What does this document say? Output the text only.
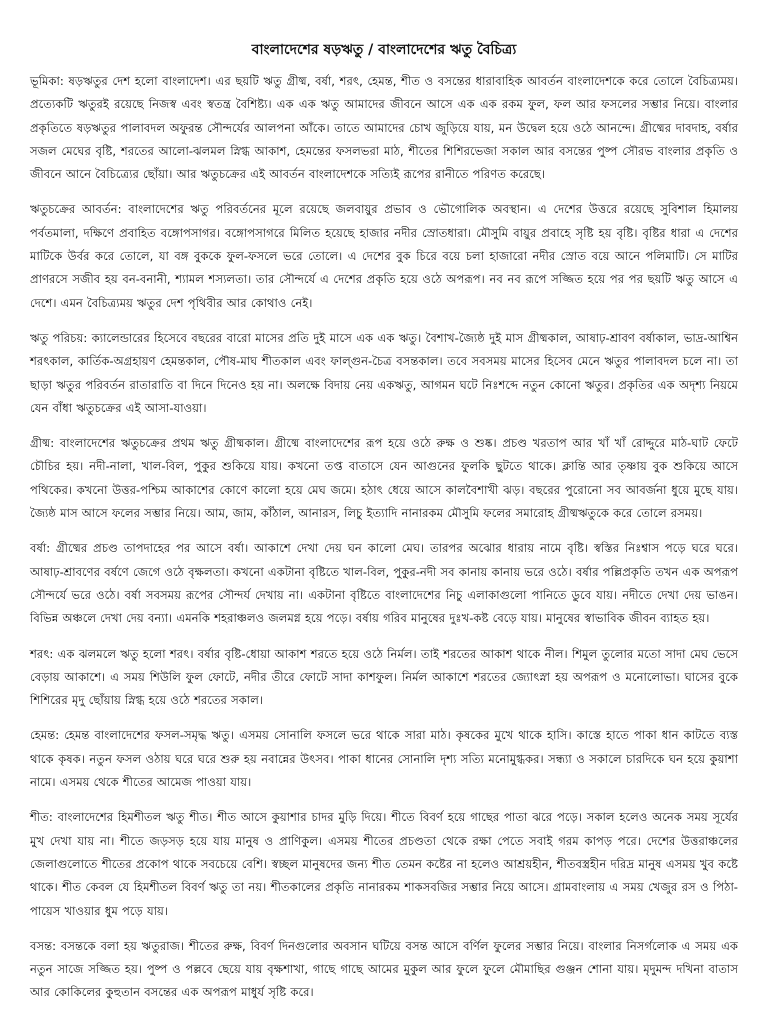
বাংলাদেশের ষড়ঋতু / বাংলাদেশের ঋতু বৈচিত্র্য

ভূমিকা: ষড়ঋতুর দেশ হলো বাংলাদেশ। এর ছয়টি ঋতু গ্রীষ্ম, বর্ষা, শরৎ, হেমন্ত, শীত ও বসন্তের ধারাবাহিক আবর্তন বাংলাদেশকে করে তোলে বৈচিত্র্যময়। প্রত্যেকটি ঋতুরই রয়েছে নিজস্ব এবং স্বতন্ত্র বৈশিষ্ট্য। এক এক ঋতু আমাদের জীবনে আসে এক এক রকম ফুল, ফল আর ফসলের সম্ভার নিয়ে। বাংলার প্রকৃতিতে ষড়ঋতুর পালাবদল অফুরন্ত সৌন্দর্যের আলপনা আঁকে। তাতে আমাদের চোখ জুড়িয়ে যায়, মন উদ্বেল হয়ে ওঠে আনন্দে। গ্রীষ্মের দাবদাহ, বর্ষার সজল মেঘের বৃষ্টি, শরতের আলো-ঝলমল স্নিগ্ধ আকাশ, হেমন্তের ফসলভরা মাঠ, শীতের শিশিরভেজা সকাল আর বসন্তের পুষ্প সৌরভ বাংলার প্রকৃতি ও জীবনে আনে বৈচিত্র্যের ছোঁয়া। আর ঋতুচক্রের এই আবর্তন বাংলাদেশকে সত্যিই রূপের রানীতে পরিণত করেছে।

ঋতুচক্রের আবর্তন: বাংলাদেশের ঋতু পরিবর্তনের মূলে রয়েছে জলবায়ুর প্রভাব ও ভৌগোলিক অবস্থান। এ দেশের উত্তরে রয়েছে সুবিশাল হিমালয় পর্বতমালা, দক্ষিণে প্রবাহিত বঙ্গোপসাগর। বঙ্গোপসাগরে মিলিত হয়েছে হাজার নদীর স্রোতধারা। মৌসুমি বায়ুর প্রবাহে সৃষ্টি হয় বৃষ্টি। বৃষ্টির ধারা এ দেশের মাটিকে উর্বর করে তোলে, যা বঙ্গ বুককে ফুল-ফসলে ভরে তোলে। এ দেশের বুক চিরে বয়ে চলা হাজারো নদীর স্রোত বয়ে আনে পলিমাটি। সে মাটির প্রাণরসে সজীব হয় বন-বনানী, শ্যামল শস্যলতা। তার সৌন্দর্যে এ দেশের প্রকৃতি হয়ে ওঠে অপরূপ। নব নব রূপে সজ্জিত হয়ে পর পর ছয়টি ঋতু আসে এ দেশে। এমন বৈচিত্র্যময় ঋতুর দেশ পৃথিবীর আর কোথাও নেই।

ঋতু পরিচয়: ক্যালেন্ডারের হিসেবে বছরের বারো মাসের প্রতি দুই মাসে এক এক ঋতু। বৈশাখ-জ্যৈষ্ঠ দুই মাস গ্রীষ্মকাল, আষাঢ়-শ্রাবণ বর্ষাকাল, ভাদ্র-আশ্বিন শরৎকাল, কার্তিক-অগ্রহায়ণ হেমন্তকাল, পৌষ-মাঘ শীতকাল এবং ফাল্গুন-চৈত্র বসন্তকাল। তবে সবসময় মাসের হিসেব মেনে ঋতুর পালাবদল চলে না। তা ছাড়া ঋতুর পরিবর্তন রাতারাতি বা দিনে দিনেও হয় না। অলক্ষে বিদায় নেয় একঋতু, আগমন ঘটে নিঃশব্দে নতুন কোনো ঋতুর। প্রকৃতির এক অদৃশ্য নিয়মে যেন বাঁধা ঋতুচক্রের এই আসা-যাওয়া।

গ্রীষ্ম: বাংলাদেশের ঋতুচক্রের প্রথম ঋতু গ্রীষ্মকাল। গ্রীষ্মে বাংলাদেশের রূপ হয়ে ওঠে রুক্ষ ও শুষ্ক। প্রচণ্ড খরতাপ আর খাঁ খাঁ রোদ্দুরে মাঠ-ঘাট ফেটে চৌচির হয়। নদী-নালা, খাল-বিল, পুকুর শুকিয়ে যায়। কখনো তপ্ত বাতাসে যেন আগুনের ফুলকি ছুটতে থাকে। ক্লান্তি আর তৃষ্ণায় বুক শুকিয়ে আসে পথিকের। কখনো উত্তর-পশ্চিম আকাশের কোণে কালো হয়ে মেঘ জমে। হঠাৎ ধেয়ে আসে কালবৈশাখী ঝড়। বছরের পুরোনো সব আবর্জনা ধুয়ে মুছে যায়। জ্যৈষ্ঠ মাস আসে ফলের সম্ভার নিয়ে। আম, জাম, কাঁঠাল, আনারস, লিচু ইত্যাদি নানারকম মৌসুমি ফলের সমারোহ গ্রীষ্মঋতুকে করে তোলে রসময়।

বর্ষা: গ্রীষ্মের প্রচণ্ড তাপদাহের পর আসে বর্ষা। আকাশে দেখা দেয় ঘন কালো মেঘ। তারপর অঝোর ধারায় নামে বৃষ্টি। স্বস্তির নিঃশ্বাস পড়ে ঘরে ঘরে। আষাঢ়-শ্রাবণের বর্ষণে জেগে ওঠে বৃক্ষলতা। কখনো একটানা বৃষ্টিতে খাল-বিল, পুকুর-নদী সব কানায় কানায় ভরে ওঠে। বর্ষার পল্লিপ্রকৃতি তখন এক অপরূপ সৌন্দর্যে ভরে ওঠে। বর্ষা সবসময় রূপের সৌন্দর্য দেখায় না। একটানা বৃষ্টিতে বাংলাদেশের নিচু এলাকাগুলো পানিতে ডুবে যায়। নদীতে দেখা দেয় ভাঙন। বিভিন্ন অঞ্চলে দেখা দেয় বন্যা। এমনকি শহরাঞ্চলও জলমগ্ন হয়ে পড়ে। বর্ষায় গরিব মানুষের দুঃখ-কষ্ট বেড়ে যায়। মানুষের স্বাভাবিক জীবন ব্যাহত হয়।

শরৎ: এক ঝলমলে ঋতু হলো শরৎ। বর্ষার বৃষ্টি-ধোয়া আকাশ শরতে হয়ে ওঠে নির্মল। তাই শরতের আকাশ থাকে নীল। শিমুল তুলোর মতো সাদা মেঘ ভেসে বেড়ায় আকাশে। এ সময় শিউলি ফুল ফোটে, নদীর তীরে ফোটে সাদা কাশফুল। নির্মল আকাশে শরতের জ্যোৎস্না হয় অপরূপ ও মনোলোভা। ঘাসের বুকে শিশিরের মৃদু ছোঁয়ায় স্নিগ্ধ হয়ে ওঠে শরতের সকাল।

হেমন্ত: হেমন্ত বাংলাদেশের ফসল-সমৃদ্ধ ঋতু। এসময় সোনালি ফসলে ভরে থাকে সারা মাঠ। কৃষকের মুখে থাকে হাসি। কাস্তে হাতে পাকা ধান কাটতে ব্যস্ত থাকে কৃষক। নতুন ফসল ওঠায় ঘরে ঘরে শুরু হয় নবান্নের উৎসব। পাকা ধানের সোনালি দৃশ্য সত্যি মনোমুগ্ধকর। সন্ধ্যা ও সকালে চারদিকে ঘন হয়ে কুয়াশা নামে। এসময় থেকে শীতের আমেজ পাওয়া যায়।

শীত: বাংলাদেশের হিমশীতল ঋতু শীত। শীত আসে কুয়াশার চাদর মুড়ি দিয়ে। শীতে বিবর্ণ হয়ে গাছের পাতা ঝরে পড়ে। সকাল হলেও অনেক সময় সূর্যের মুখ দেখা যায় না। শীতে জড়সড় হয়ে যায় মানুষ ও প্রাণিকুল। এসময় শীতের প্রচণ্ডতা থেকে রক্ষা পেতে সবাই গরম কাপড় পরে। দেশের উত্তরাঞ্চলের জেলাগুলোতে শীতের প্রকোপ থাকে সবচেয়ে বেশি। স্বচ্ছল মানুষদের জন্য শীত তেমন কষ্টের না হলেও আশ্রয়হীন, শীতবস্ত্রহীন দরিদ্র মানুষ এসময় খুব কষ্টে থাকে। শীত কেবল যে হিমশীতল বিবর্ণ ঋতু তা নয়। শীতকালের প্রকৃতি নানারকম শাকসবজির সম্ভার নিয়ে আসে। গ্রামবাংলায় এ সময় খেজুর রস ও পিঠা-পায়েস খাওয়ার ধুম পড়ে যায়।

বসন্ত: বসন্তকে বলা হয় ঋতুরাজ। শীতের রুক্ষ, বিবর্ণ দিনগুলোর অবসান ঘটিয়ে বসন্ত আসে বর্ণিল ফুলের সম্ভার নিয়ে। বাংলার নিসর্গলোক এ সময় এক নতুন সাজে সজ্জিত হয়। পুষ্প ও পল্লবে ছেয়ে যায় বৃক্ষশাখা, গাছে গাছে আমের মুকুল আর ফুলে ফুলে মৌমাছির গুঞ্জন শোনা যায়। মৃদুমন্দ দখিনা বাতাস আর কোকিলের কুহুতান বসন্তের এক অপরূপ মাধুর্য সৃষ্টি করে।
